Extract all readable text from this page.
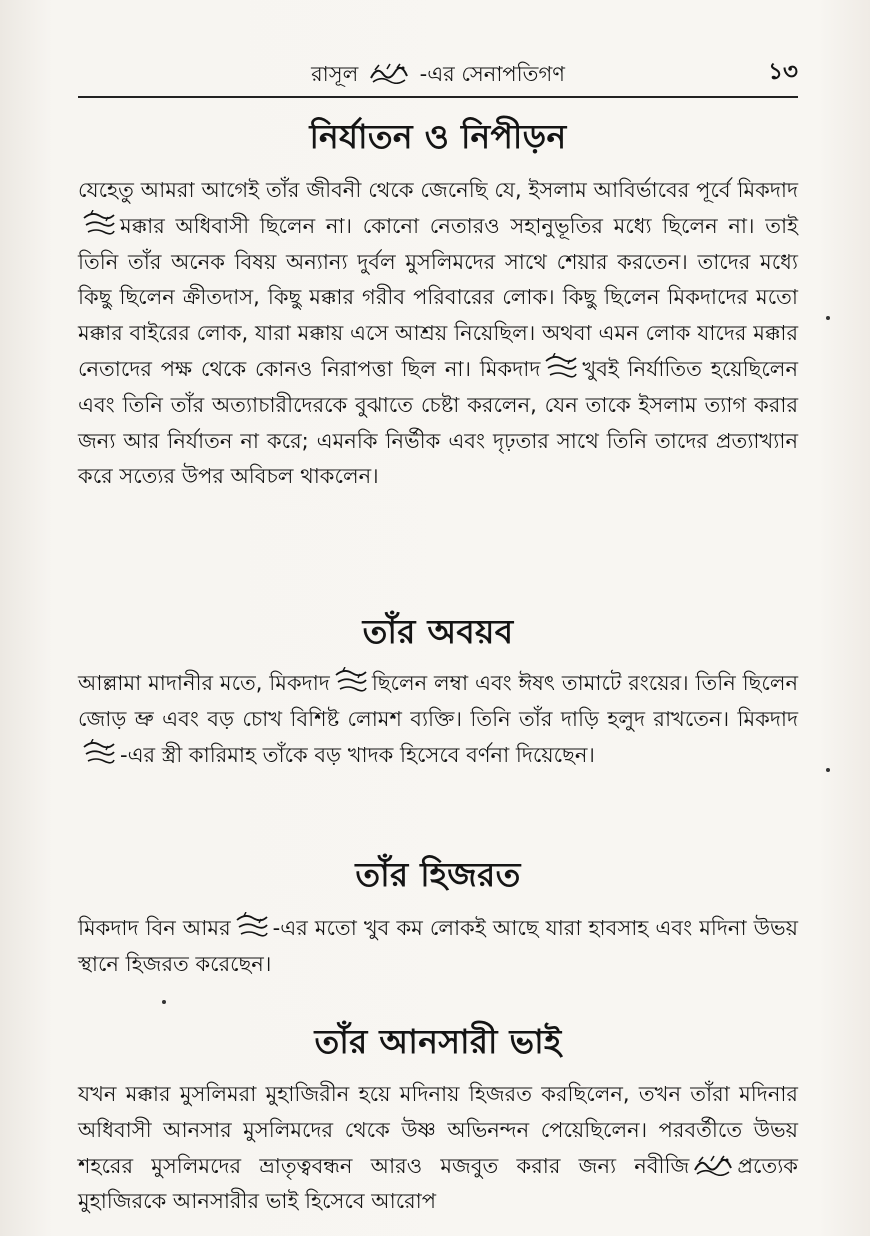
রাসূল	-এর সেনাপতিগণ	১৩
নির্যাতন ও নিপীড়ন

যেহেতু আমরা আগেই তাঁর জীবনী থেকে জেনেছি যে, ইসলাম আবির্ভাবের পূর্বে মিকদাদ
মক্কার অধিবাসী ছিলেন না। কোনো নেতারও সহানুভূতির মধ্যে ছিলেন না। তাই তিনি তাঁর অনেক বিষয় অন্যান্য দুর্বল মুসলিমদের সাথে শেয়ার করতেন। তাদের মধ্যে কিছু ছিলেন ক্রীতদাস, কিছু মক্কার গরীব পরিবারের লোক। কিছু ছিলেন মিকদাদের মতো মক্কার বাইরের লোক, যারা মক্কায় এসে আশ্রয় নিয়েছিল। অথবা এমন লোক যাদের মক্কার নেতাদের পক্ষ থেকে কোনও নিরাপত্তা ছিল না। মিকদাদ খুবই নির্যাতিত হয়েছিলেন এবং তিনি তাঁর অত্যাচারীদেরকে বুঝাতে চেষ্টা করলেন, যেন তাকে ইসলাম ত্যাগ করার জন্য আর নির্যাতন না করে; এমনকি নির্ভীক এবং দৃঢ়তার সাথে তিনি তাদের প্রত্যাখ্যান করে সত্যের উপর অবিচল থাকলেন।

তাঁর অবয়ব

আল্লামা মাদানীর মতে, মিকদাদ ছিলেন লম্বা এবং ঈষৎ তামাটে রংয়ের। তিনি ছিলেন জোড় ভ্রু এবং বড় চোখ বিশিষ্ট লোমশ ব্যক্তি। তিনি তাঁর দাড়ি হলুদ রাখতেন। মিকদাদ
-এর স্ত্রী কারিমাহ তাঁকে বড় খাদক হিসেবে বর্ণনা দিয়েছেন।

তাঁর হিজরত

মিকদাদ বিন আমর -এর মতো খুব কম লোকই আছে যারা হাবসাহ এবং মদিনা উভয় স্থানে হিজরত করেছেন।

তাঁর আনসারী ভাই

যখন মক্কার মুসলিমরা মুহাজিরীন হয়ে মদিনায় হিজরত করছিলেন, তখন তাঁরা মদিনার অধিবাসী আনসার মুসলিমদের থেকে উষ্ণ অভিনন্দন পেয়েছিলেন। পরবর্তীতে উভয় শহরের মুসলিমদের ভ্রাতৃত্ববন্ধন আরও মজবুত করার জন্য নবীজি প্রত্যেক মুহাজিরকে আনসারীর ভাই হিসেবে আরোপ
